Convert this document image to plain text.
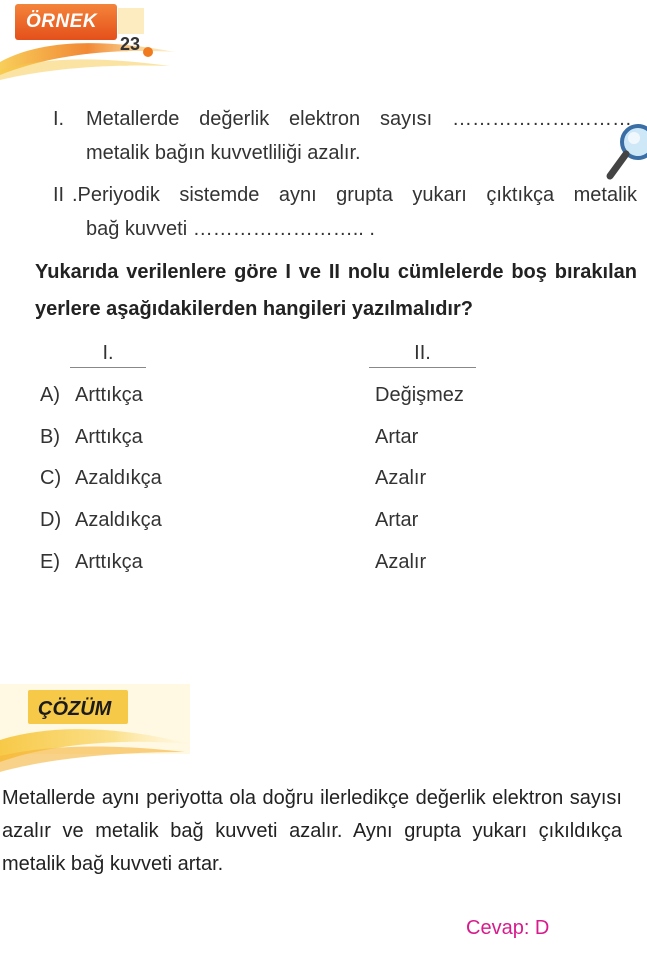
ÖRNEK
23
I. Metallerde değerlik elektron sayısı ………………………
metalik bağın kuvvetliliği azalır.
II .Periyodik sistemde aynı grupta yukarı çıktıkça metalik
bağ kuvveti …………………….. .
Yukarıda verilenlere göre I ve II nolu cümlelerde boş bırakılan yerlere aşağıdakilerden hangileri yazılmalıdır?
I.	II.
A) Arttıkça	Değişmez
B) Arttıkça	Artar
C) Azaldıkça	Azalır
D) Azaldıkça	Artar
E) Arttıkça	Azalır
ÇÖZÜM
Metallerde aynı periyotta ola doğru ilerledikçe değerlik elektron sayısı azalır ve metalik bağ kuvveti azalır. Aynı grupta yukarı çıkıldıkça metalik bağ kuvveti artar.
Cevap: D
